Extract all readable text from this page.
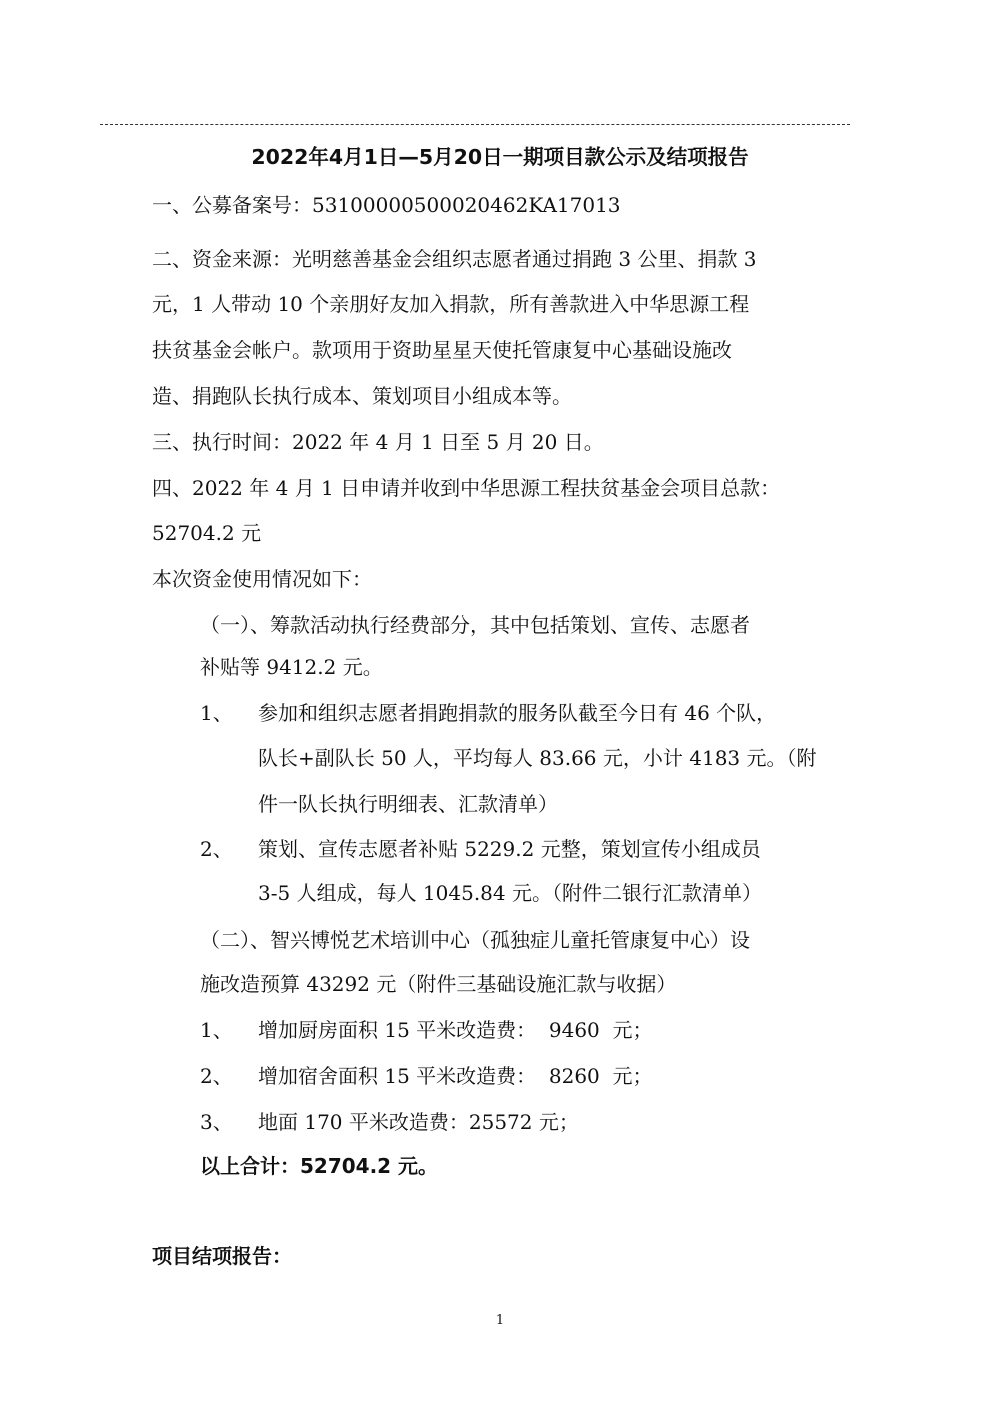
2022年4月1日—5月20日一期项目款公示及结项报告
一、公募备案号：53100000500020462KA17013
二、资金来源：光明慈善基金会组织志愿者通过捐跑 3 公里、捐款 3
元，1 人带动 10 个亲朋好友加入捐款，所有善款进入中华思源工程
扶贫基金会帐户。款项用于资助星星天使托管康复中心基础设施改
造、捐跑队长执行成本、策划项目小组成本等。
三、执行时间：2022 年 4 月 1 日至 5 月 20 日。
四、2022 年 4 月 1 日申请并收到中华思源工程扶贫基金会项目总款：
52704.2 元
本次资金使用情况如下：
（一）、筹款活动执行经费部分，其中包括策划、宣传、志愿者
补贴等 9412.2 元。
1、 参加和组织志愿者捐跑捐款的服务队截至今日有 46 个队，
队长+副队长 50 人，平均每人 83.66 元，小计 4183 元。（附
件一队长执行明细表、汇款清单）
2、 策划、宣传志愿者补贴 5229.2 元整，策划宣传小组成员
3-5 人组成，每人 1045.84 元。（附件二银行汇款清单）
（二）、智兴博悦艺术培训中心（孤独症儿童托管康复中心）设
施改造预算 43292 元（附件三基础设施汇款与收据）
1、 增加厨房面积 15 平米改造费：  9460  元；
2、 增加宿舍面积 15 平米改造费：  8260  元；
3、 地面 170 平米改造费：25572 元；
以上合计：52704.2 元。
项目结项报告：
1
